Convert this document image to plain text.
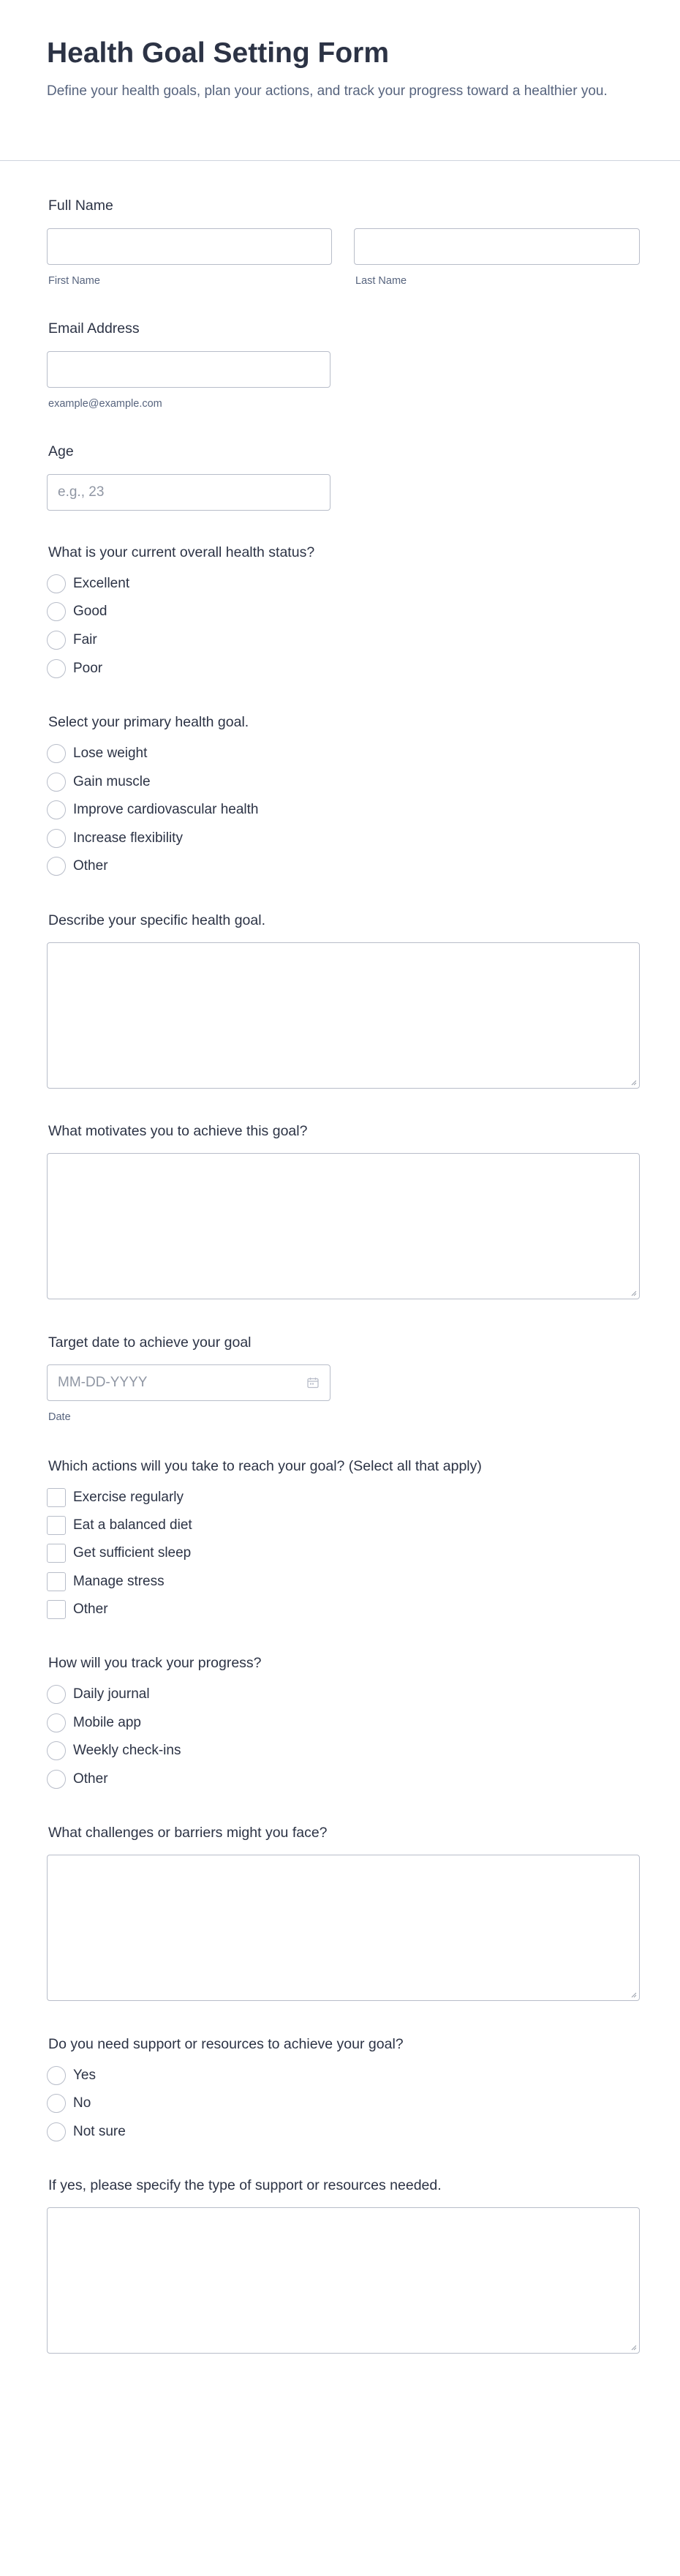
Health Goal Setting Form

Define your health goals, plan your actions, and track your progress toward a healthier you.

Full Name
First Name	Last Name
Email Address
example@example.com
Age
e.g., 23
What is your current overall health status?
Excellent
Good
Fair
Poor
Select your primary health goal.
Lose weight
Gain muscle
Improve cardiovascular health
Increase flexibility
Other
Describe your specific health goal.
What motivates you to achieve this goal?
Target date to achieve your goal
MM-DD-YYYY
Date
Which actions will you take to reach your goal? (Select all that apply)
Exercise regularly
Eat a balanced diet
Get sufficient sleep
Manage stress
Other
How will you track your progress?
Daily journal
Mobile app
Weekly check-ins
Other
What challenges or barriers might you face?
Do you need support or resources to achieve your goal?
Yes
No
Not sure
If yes, please specify the type of support or resources needed.
